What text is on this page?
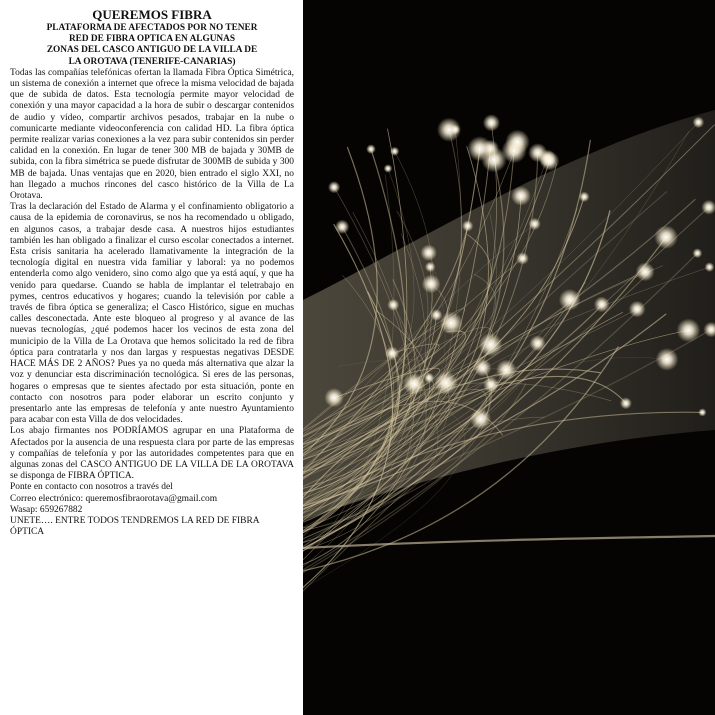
QUEREMOS FIBRA
PLATAFORMA DE AFECTADOS POR NO TENER
RED DE FIBRA OPTICA EN ALGUNAS
ZONAS DEL CASCO ANTIGUO DE LA VILLA DE
LA OROTAVA (TENERIFE-CANARIAS)

Todas las compañías telefónicas ofertan la llamada Fibra Óptica Simétrica, un sistema de conexión a internet que ofrece la misma velocidad de bajada que de subida de datos. Esta tecnología permite mayor velocidad de conexión y una mayor capacidad a la hora de subir o descargar contenidos de audio y vídeo, compartir archivos pesados, trabajar en la nube o comunicarte mediante videoconferencia con calidad HD. La fibra óptica permite realizar varias conexiones a la vez para subir contenidos sin perder calidad en la conexión. En lugar de tener 300 MB de bajada y 30MB de subida, con la fibra simétrica se puede disfrutar de 300MB de subida y 300 MB de bajada. Unas ventajas que en 2020, bien entrado el siglo XXI, no han llegado a muchos rincones del casco histórico de la Villa de La Orotava.

Tras la declaración del Estado de Alarma y el confinamiento obligatorio a causa de la epidemia de coronavirus, se nos ha recomendado u obligado, en algunos casos, a trabajar desde casa. A nuestros hijos estudiantes también les han obligado a finalizar el curso escolar conectados a internet. Esta crisis sanitaria ha acelerado llamativamente la integración de la tecnología digital en nuestra vida familiar y laboral: ya no podemos entenderla como algo venidero, sino como algo que ya está aquí, y que ha venido para quedarse. Cuando se habla de implantar el teletrabajo en pymes, centros educativos y hogares; cuando la televisión por cable a través de fibra óptica se generaliza; el Casco Histórico, sigue en muchas calles desconectada. Ante este bloqueo al progreso y al avance de las nuevas tecnologías, ¿qué podemos hacer los vecinos de esta zona del municipio de la Villa de La Orotava que hemos solicitado la red de fibra óptica para contratarla y nos dan largas y respuestas negativas DESDE HACE MÁS DE 2 AÑOS? Pues ya no queda más alternativa que alzar la voz y denunciar esta discriminación tecnológica. Si eres de las personas, hogares o empresas que te sientes afectado por esta situación, ponte en contacto con nosotros para poder elaborar un escrito conjunto y presentarlo ante las empresas de telefonía y ante nuestro Ayuntamiento para acabar con esta Villa de dos velocidades.

Los abajo firmantes nos PODRÍAMOS agrupar en una Plataforma de Afectados por la ausencia de una respuesta clara por parte de las empresas y compañías de telefonía y por las autoridades competentes para que en algunas zonas del CASCO ANTIGUO DE LA VILLA DE LA OROTAVA se disponga de FIBRA ÓPTICA.

Ponte en contacto con nosotros a través del

Correo electrónico: queremosfibraorotava@gmail.com

Wasap: 659267882

UNETE…. ENTRE TODOS TENDREMOS LA RED DE FIBRA ÓPTICA
